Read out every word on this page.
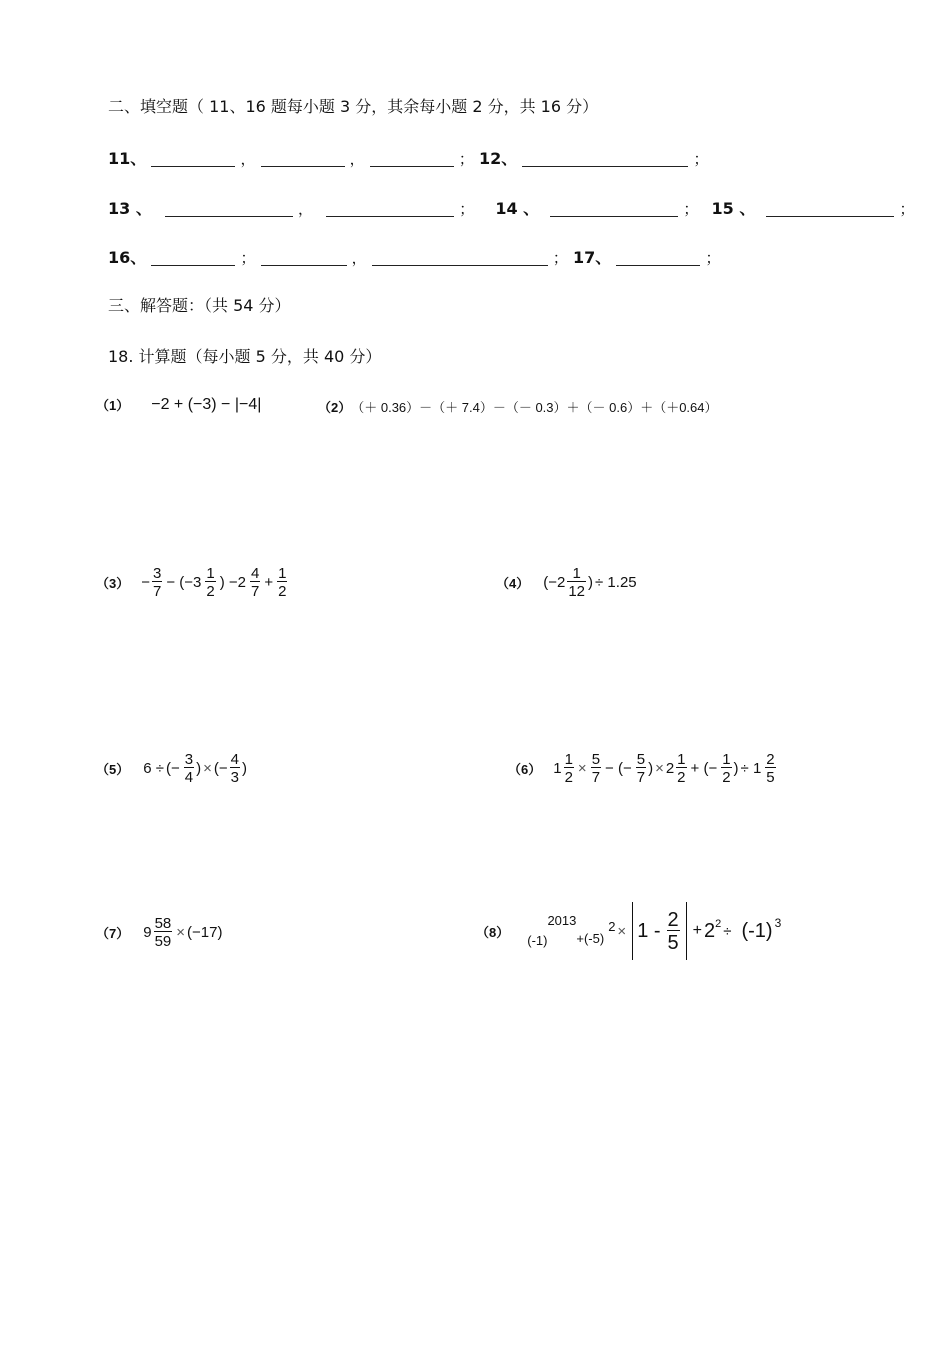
二、填空题（ 11、16 题每小题 3 分，其余每小题 2 分，共 16 分）
11、	，	，	； 12、	；
13 、	，	； 14 、	； 15 、	；
16、	；	，	； 17、	；
三、解答题：（共 54 分）
18. 计算题（每小题 5 分，共 40 分）
（1） −2 + (−3) − |−4|	（2） （＋ 0.36）－（＋ 7.4）－（－ 0.3）＋（－ 0.6）＋（＋0.64）
$(3) - \frac{3}{7} - (-3 \frac{1}{2}$ ) $-2 \frac{4}{7} + \frac{1}{2}$	（4） ($-2 \frac{1}{12}$ ) ÷ 1.25
（5） 6 ÷ (− $\frac{3}{4}$ ) × (− $\frac{4}{3}$ )	（6） $1 \frac{1}{2} \times \frac{5}{7}$ − (− $\frac{5}{7}$ ) × $2 \frac{1}{2}$ + (− $\frac{1}{2}$ ) ÷ $1 \frac{2}{5}$
（7） $9 \frac{58}{59} \times (-17)$	（8）
(-1)
2013
+(-5)
$2 \times 1 - \frac{2}{5} + 2$ 2 ÷ (-1) 3
